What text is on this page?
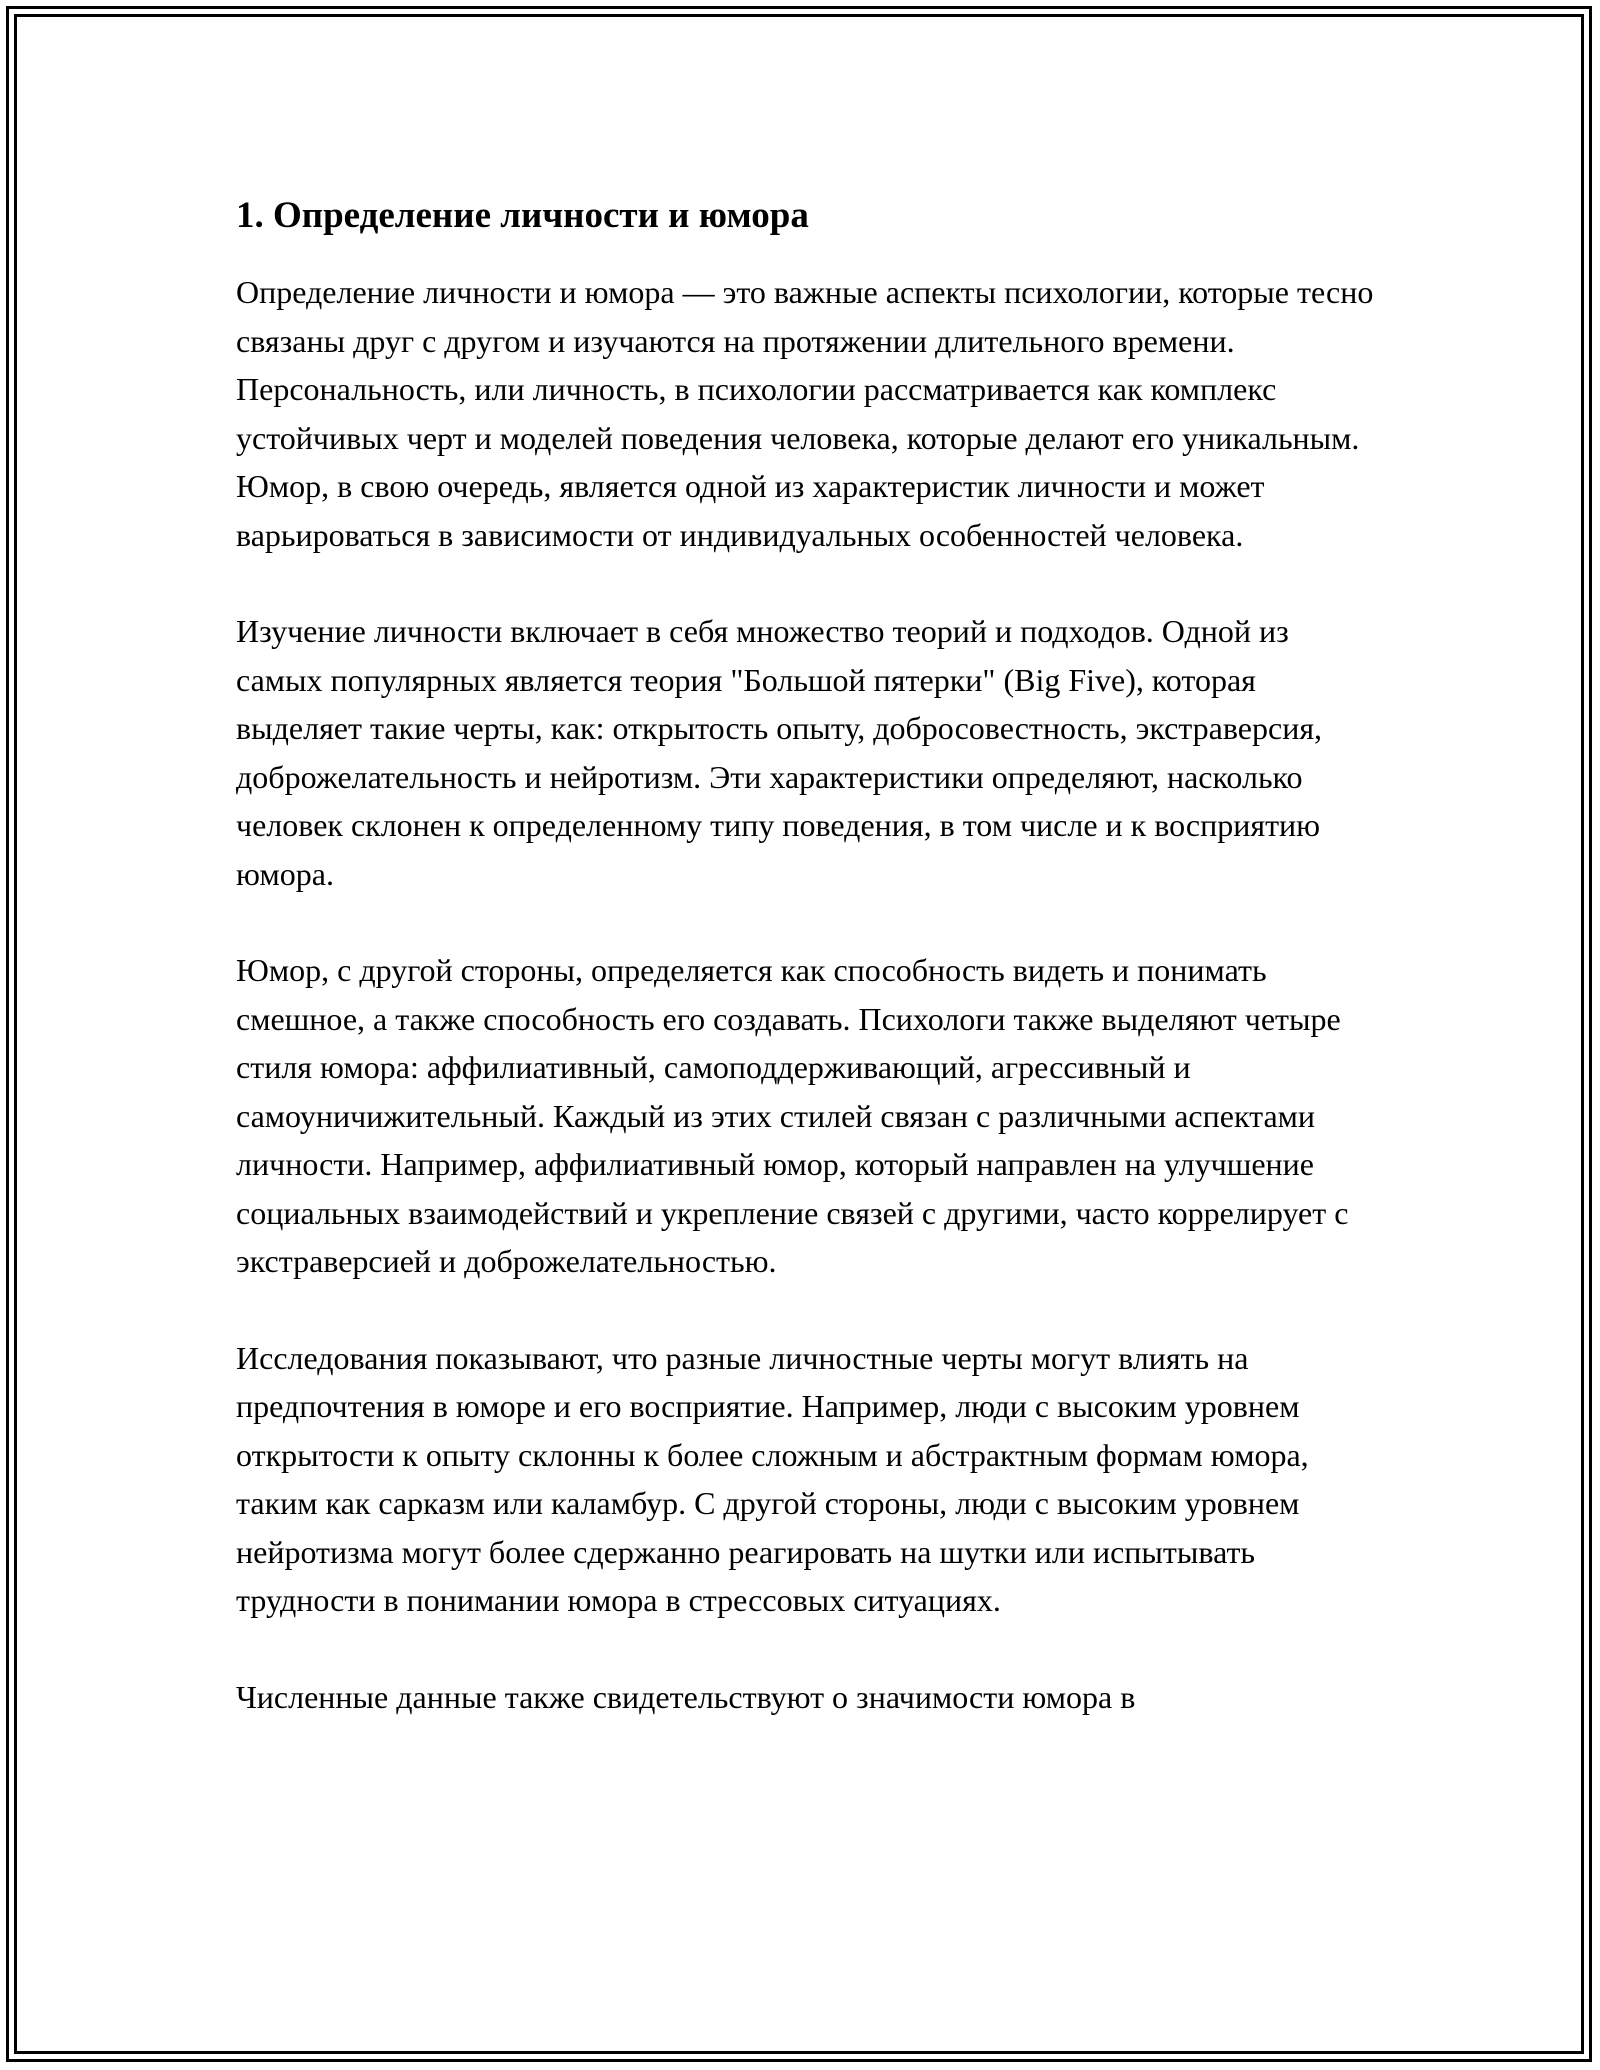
1. Определение личности и юмора

Определение личности и юмора — это важные аспекты психологии, которые тесно связаны друг с другом и изучаются на протяжении длительного времени. Персональность, или личность, в психологии рассматривается как комплекс устойчивых черт и моделей поведения человека, которые делают его уникальным. Юмор, в свою очередь, является одной из характеристик личности и может варьироваться в зависимости от индивидуальных особенностей человека.

Изучение личности включает в себя множество теорий и подходов. Одной из самых популярных является теория "Большой пятерки" (Big Five), которая выделяет такие черты, как: открытость опыту, добросовестность, экстраверсия, доброжелательность и нейротизм. Эти характеристики определяют, насколько человек склонен к определенному типу поведения, в том числе и к восприятию юмора.

Юмор, с другой стороны, определяется как способность видеть и понимать смешное, а также способность его создавать. Психологи также выделяют четыре стиля юмора: аффилиативный, самоподдерживающий, агрессивный и самоуничижительный. Каждый из этих стилей связан с различными аспектами личности. Например, аффилиативный юмор, который направлен на улучшение социальных взаимодействий и укрепление связей с другими, часто коррелирует с экстраверсией и доброжелательностью.

Исследования показывают, что разные личностные черты могут влиять на предпочтения в юморе и его восприятие. Например, люди с высоким уровнем открытости к опыту склонны к более сложным и абстрактным формам юмора, таким как сарказм или каламбур. С другой стороны, люди с высоким уровнем нейротизма могут более сдержанно реагировать на шутки или испытывать трудности в понимании юмора в стрессовых ситуациях.

Численные данные также свидетельствуют о значимости юмора в
